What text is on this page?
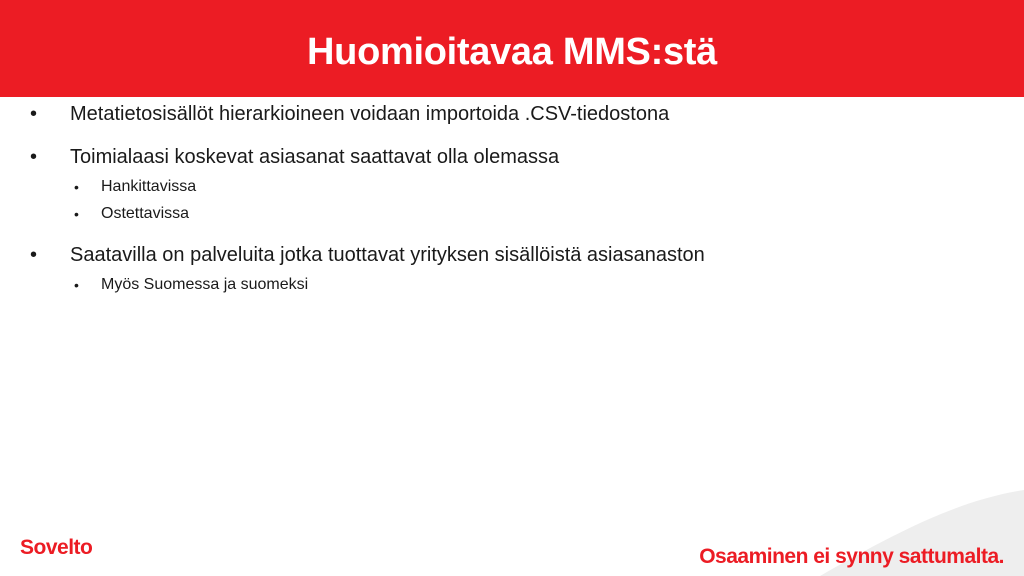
Huomioitavaa MMS:stä
• Metatietosisällöt hierarkioineen voidaan importoida .CSV-tiedostona
• Toimialaasi koskevat asiasanat saattavat olla olemassa
• Hankittavissa
• Ostettavissa
• Saatavilla on palveluita jotka tuottavat yrityksen sisällöistä asiasanaston
• Myös Suomessa ja suomeksi
Sovelto	Osaaminen ei synny sattumalta.
